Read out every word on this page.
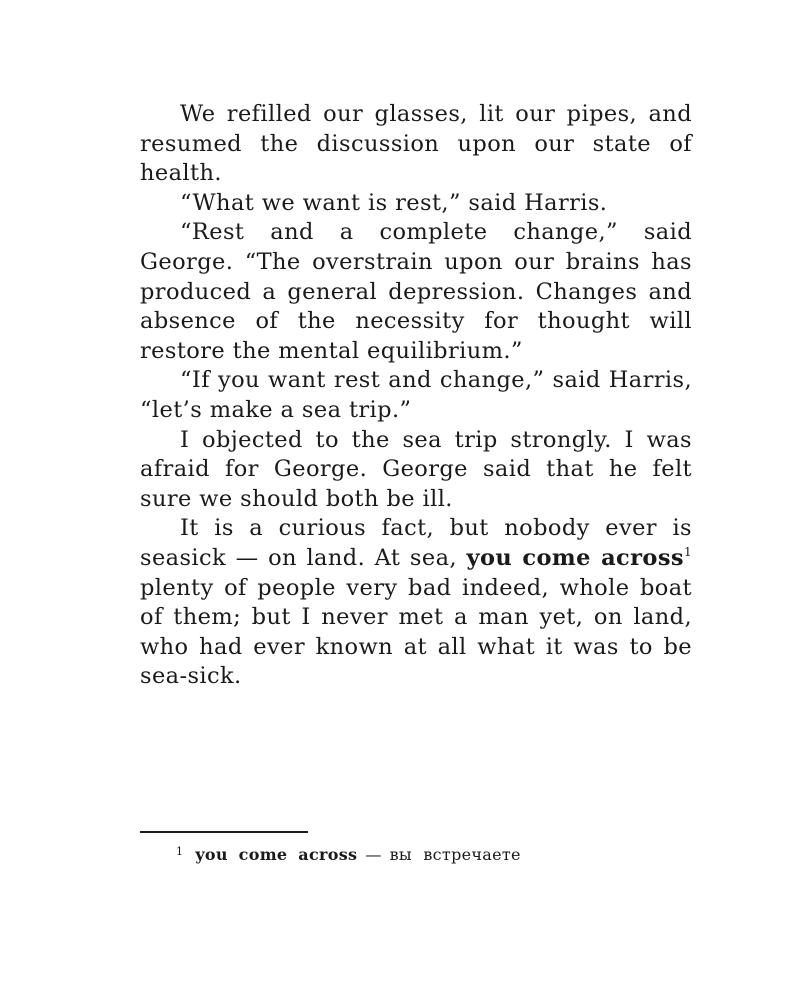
We refilled our glasses, lit our pipes, and resumed the discussion upon our state of health.

“What we want is rest,” said Harris.

“Rest and a complete change,” said George. “The overstrain upon our brains has produced a general depression. Changes and absence of the necessity for thought will restore the mental equilibrium.”

“If you want rest and change,” said Harris, “let’s make a sea trip.”

I objected to the sea trip strongly. I was afraid for George. George said that he felt sure we should both be ill.

It is a curious fact, but nobody ever is seasick — on land. At sea, you come across$^1$ plenty of people very bad indeed, whole boat of them; but I never met a man yet, on land, who had ever known at all what it was to be sea-sick.

$^1$ you come across — вы встречаете
